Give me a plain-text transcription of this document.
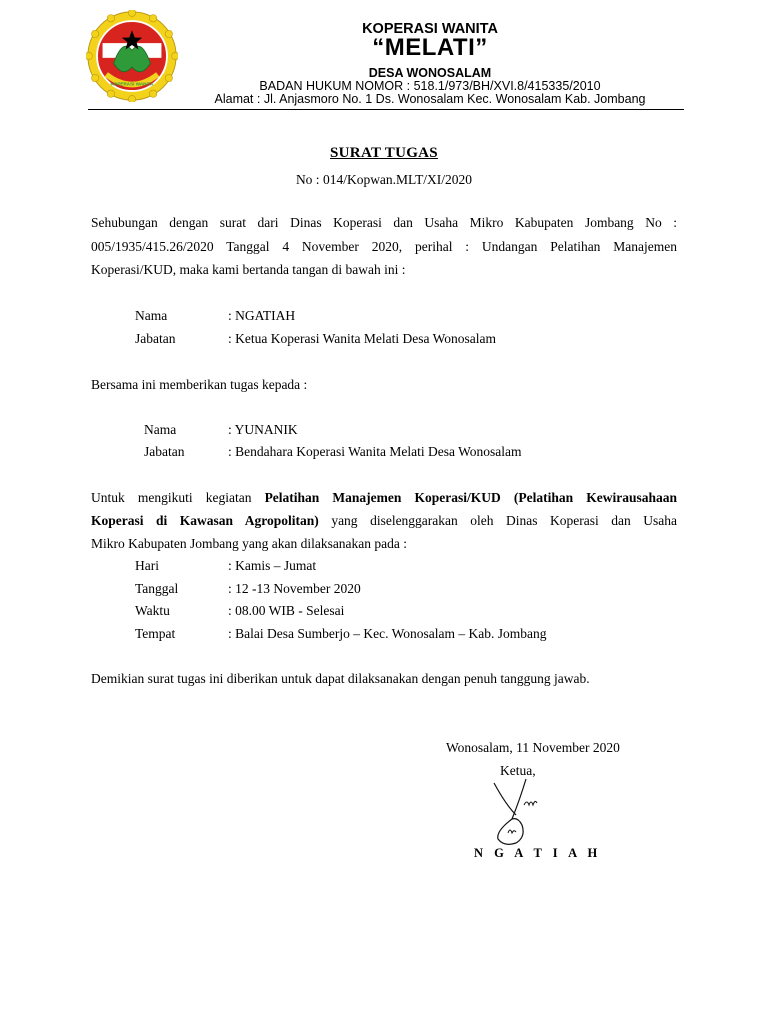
KOPERASI WANITA
KOPERASI WANITA
“MELATI”
DESA WONOSALAM
BADAN HUKUM NOMOR : 518.1/973/BH/XVI.8/415335/2010
Alamat : Jl. Anjasmoro No. 1 Ds. Wonosalam Kec. Wonosalam Kab. Jombang
SURAT TUGAS
No : 014/Kopwan.MLT/XI/2020
Sehubungan dengan surat dari Dinas Koperasi dan Usaha Mikro Kabupaten Jombang No :
005/1935/415.26/2020 Tanggal 4 November 2020, perihal : Undangan Pelatihan Manajemen
Koperasi/KUD, maka kami bertanda tangan di bawah ini :
Nama	: NGATIAH
Jabatan	: Ketua Koperasi Wanita Melati Desa Wonosalam
Bersama ini memberikan tugas kepada :
Nama	: YUNANIK
Jabatan	: Bendahara Koperasi Wanita Melati Desa Wonosalam
Untuk mengikuti kegiatan Pelatihan Manajemen Koperasi/KUD (Pelatihan Kewirausahaan
Koperasi di Kawasan Agropolitan) yang diselenggarakan oleh Dinas Koperasi dan Usaha
Mikro Kabupaten Jombang yang akan dilaksanakan pada :
Hari	: Kamis – Jumat
Tanggal	: 12 -13 November 2020
Waktu	: 08.00 WIB - Selesai
Tempat	: Balai Desa Sumberjo – Kec. Wonosalam – Kab. Jombang
Demikian surat tugas ini diberikan untuk dapat dilaksanakan dengan penuh tanggung jawab.
Wonosalam, 11 November 2020
Ketua,
N G A T I A H
